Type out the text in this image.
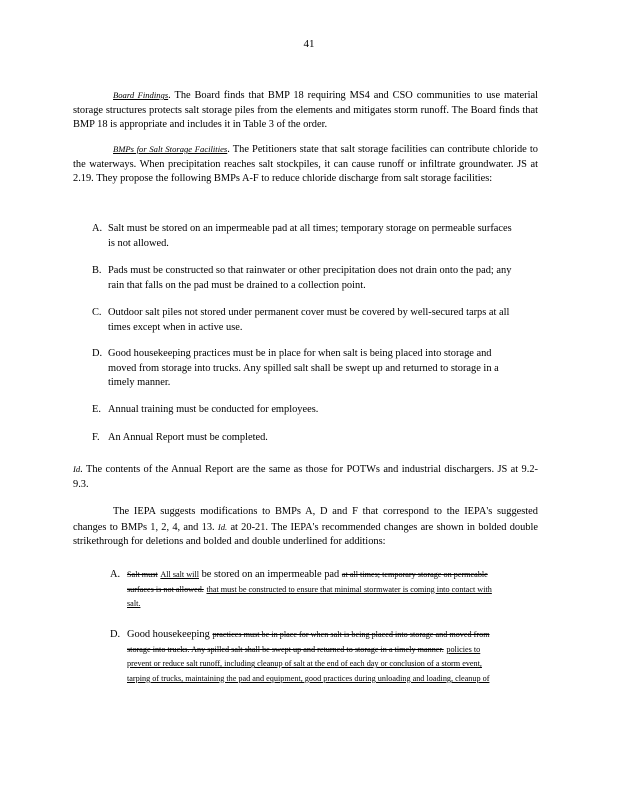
41

Board Findings. The Board finds that BMP 18 requiring MS4 and CSO communities to use material storage structures protects salt storage piles from the elements and mitigates storm runoff. The Board finds that BMP 18 is appropriate and includes it in Table 3 of the order.

BMPs for Salt Storage Facilities. The Petitioners state that salt storage facilities can contribute chloride to the waterways. When precipitation reaches salt stockpiles, it can cause runoff or infiltrate groundwater. JS at 2.19. They propose the following BMPs A-F to reduce chloride discharge from salt storage facilities:

A. Salt must be stored on an impermeable pad at all times; temporary storage on permeable surfaces is not allowed.
B. Pads must be constructed so that rainwater or other precipitation does not drain onto the pad; any rain that falls on the pad must be drained to a collection point.
C. Outdoor salt piles not stored under permanent cover must be covered by well-secured tarps at all times except when in active use.
D. Good housekeeping practices must be in place for when salt is being placed into storage and moved from storage into trucks. Any spilled salt shall be swept up and returned to storage in a timely manner.
E. Annual training must be conducted for employees.
F. An Annual Report must be completed.

Id. The contents of the Annual Report are the same as those for POTWs and industrial dischargers. JS at 9.2-9.3.

The IEPA suggests modifications to BMPs A, D and F that correspond to the IEPA's suggested changes to BMPs 1, 2, 4, and 13. Id. at 20-21. The IEPA's recommended changes are shown in bolded double strikethrough for deletions and bolded and double underlined for additions:

A. Salt must All salt will be stored on an impermeable pad at all times; temporary storage on permeable surfaces is not allowed. that must be constructed to ensure that minimal stormwater is coming into contact with salt.
D. Good housekeeping practices must be in place for when salt is being placed into storage and moved from storage into trucks. Any spilled salt shall be swept up and returned to storage in a timely manner. policies to prevent or reduce salt runoff, including cleanup of salt at the end of each day or conclusion of a storm event, tarping of trucks, maintaining the pad and equipment, good practices during unloading and loading, cleanup of
